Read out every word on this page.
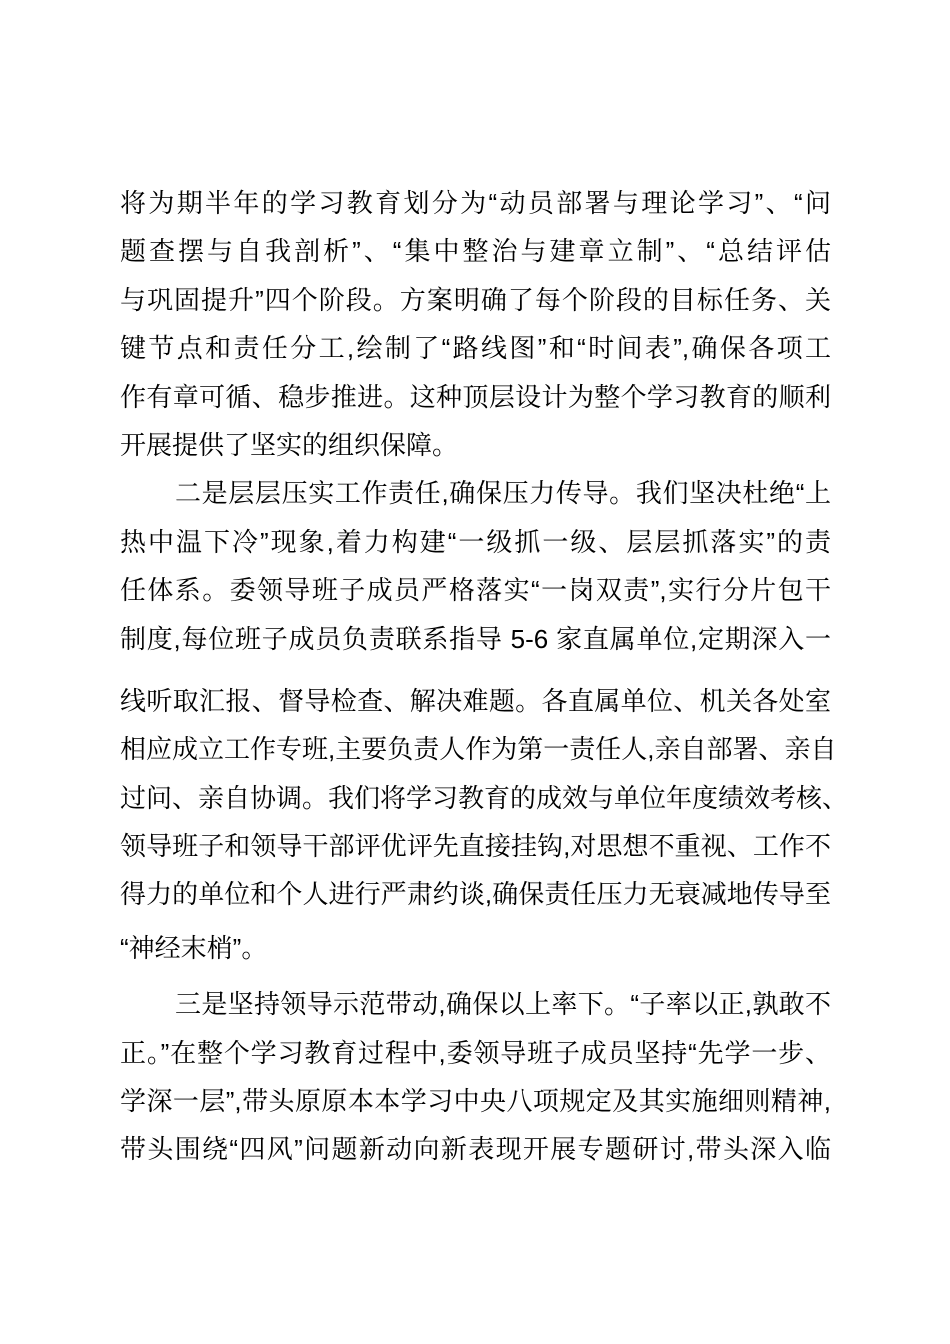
将为期半年的学习教育划分为“动员部署与理论学习”、“问
题查摆与自我剖析”、“集中整治与建章立制”、“总结评估
与巩固提升”四个阶段。方案明确了每个阶段的目标任务、关
键节点和责任分工,绘制了“路线图”和“时间表”,确保各项工
作有章可循、稳步推进。这种顶层设计为整个学习教育的顺利
开展提供了坚实的组织保障。
二是层层压实工作责任,确保压力传导。我们坚决杜绝“上
热中温下冷”现象,着力构建“一级抓一级、层层抓落实”的责
任体系。委领导班子成员严格落实“一岗双责”,实行分片包干
制度,每位班子成员负责联系指导 5-6 家直属单位,定期深入一
线听取汇报、督导检查、解决难题。各直属单位、机关各处室
相应成立工作专班,主要负责人作为第一责任人,亲自部署、亲自
过问、亲自协调。我们将学习教育的成效与单位年度绩效考核、
领导班子和领导干部评优评先直接挂钩,对思想不重视、工作不
得力的单位和个人进行严肃约谈,确保责任压力无衰减地传导至
“神经末梢”。
三是坚持领导示范带动,确保以上率下。“子率以正,孰敢不
正。”在整个学习教育过程中,委领导班子成员坚持“先学一步、
学深一层”,带头原原本本学习中央八项规定及其实施细则精神,
带头围绕“四风”问题新动向新表现开展专题研讨,带头深入临
